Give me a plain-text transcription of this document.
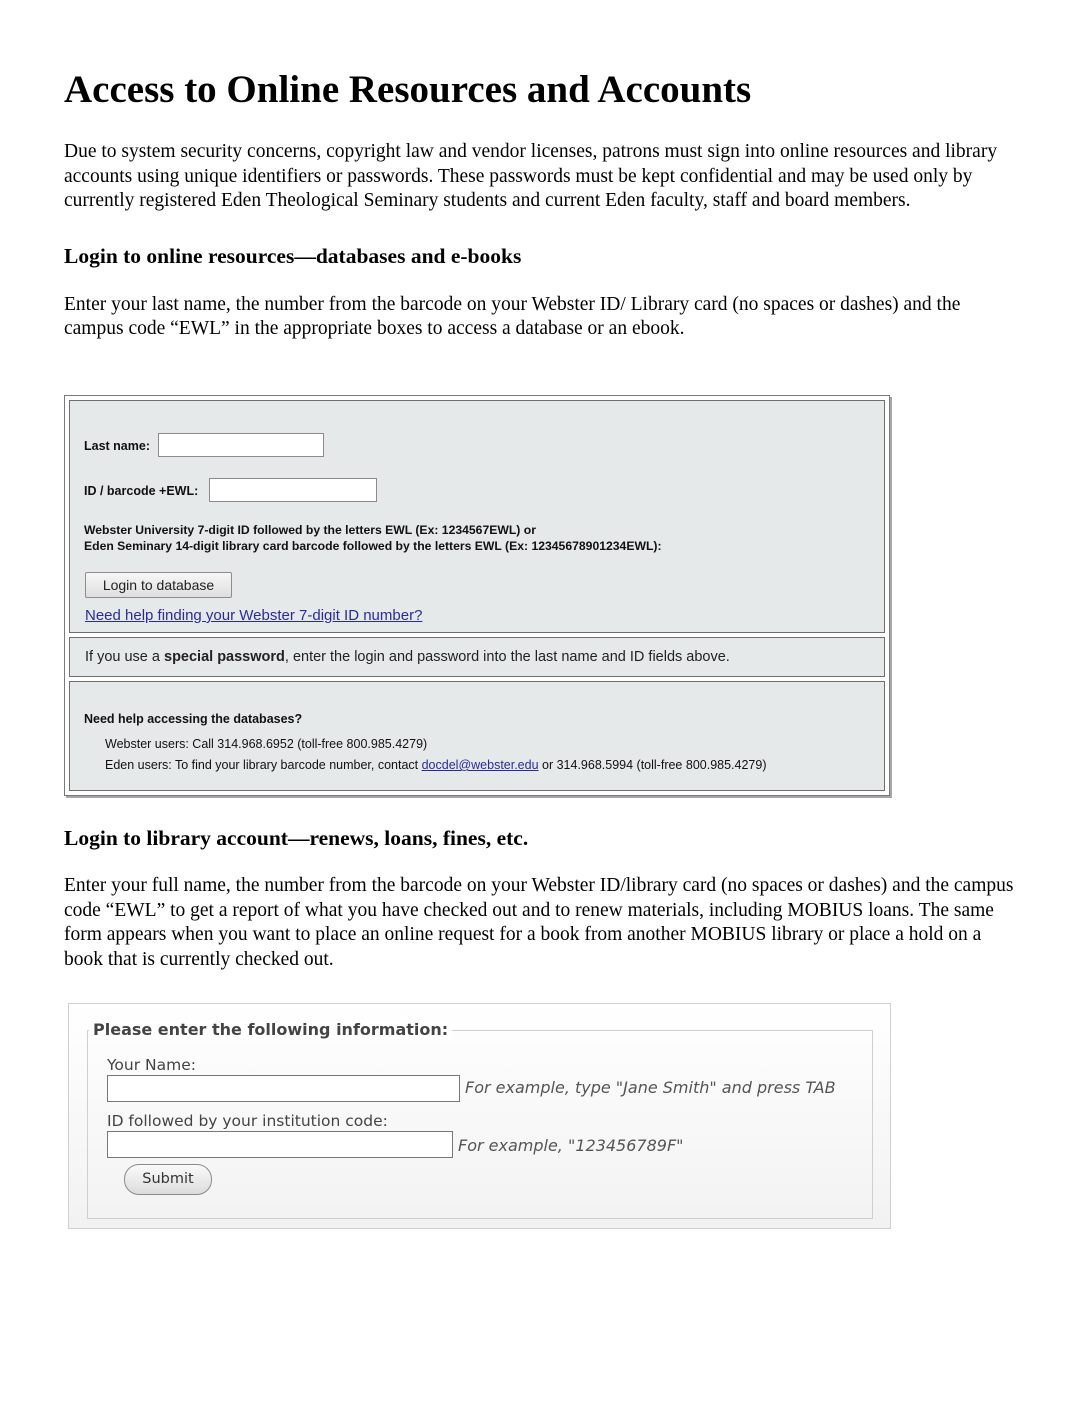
Access to Online Resources and Accounts

Due to system security concerns, copyright law and vendor licenses, patrons must sign into online resources and library accounts using unique identifiers or passwords. These passwords must be kept confidential and may be used only by currently registered Eden Theological Seminary students and current Eden faculty, staff and board members.

Login to online resources—databases and e-books

Enter your last name, the number from the barcode on your Webster ID/ Library card (no spaces or dashes) and the campus code “EWL” in the appropriate boxes to access a database or an ebook.

Last name:
ID / barcode +EWL:
Webster University 7-digit ID followed by the letters EWL (Ex: 1234567EWL) or
Eden Seminary 14-digit library card barcode followed by the letters EWL (Ex: 12345678901234EWL):
Login to database
Need help finding your Webster 7-digit ID number?
If you use a special password, enter the login and password into the last name and ID fields above.
Need help accessing the databases?
Webster users: Call 314.968.6952 (toll-free 800.985.4279)
Eden users: To find your library barcode number, contact docdel@webster.edu or 314.968.5994 (toll-free 800.985.4279)
Login to library account—renews, loans, fines, etc.

Enter your full name, the number from the barcode on your Webster ID/library card (no spaces or dashes) and the campus code “EWL” to get a report of what you have checked out and to renew materials, including MOBIUS loans. The same form appears when you want to place an online request for a book from another MOBIUS library or place a hold on a book that is currently checked out.

Please enter the following information:
Your Name:
For example, type "Jane Smith" and press TAB
ID followed by your institution code:
For example, "123456789F"
Submit
